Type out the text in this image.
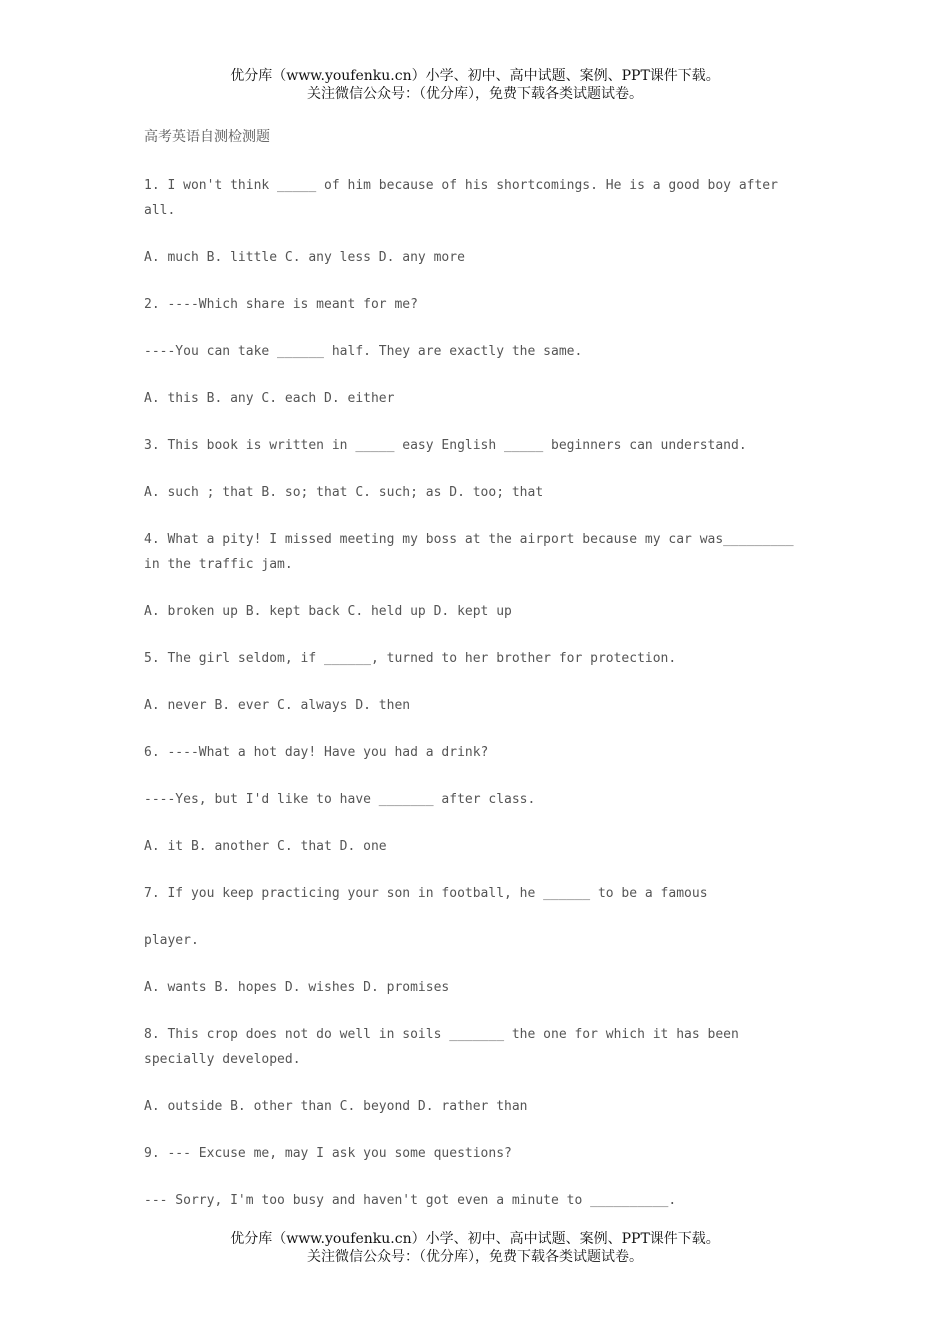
优分库（www.youfenku.cn）小学、初中、高中试题、案例、PPT课件下载。
关注微信公众号：（优分库），免费下载各类试题试卷。
高考英语自测检测题
1. I won't think _____ of him because of his shortcomings. He is a good boy after all.
A. much B. little C. any less D. any more
2. ----Which share is meant for me?
----You can take ______ half. They are exactly the same.
A. this B. any C. each D. either
3. This book is written in _____ easy English _____ beginners can understand.
A. such ; that B. so; that C. such; as D. too; that
4. What a pity! I missed meeting my boss at the airport because my car was_________ in the traffic jam.
A. broken up B. kept back C. held up D. kept up
5. The girl seldom, if ______, turned to her brother for protection.
A. never B. ever C. always D. then
6. ----What a hot day! Have you had a drink?
----Yes, but I'd like to have _______ after class.
A. it B. another C. that D. one
7. If you keep practicing your son in football, he ______ to be a famous
player.
A. wants B. hopes D. wishes D. promises
8. This crop does not do well in soils _______ the one for which it has been specially developed.
A. outside B. other than C. beyond D. rather than
9. --- Excuse me, may I ask you some questions?
--- Sorry, I'm too busy and haven't got even a minute to __________.
优分库（www.youfenku.cn）小学、初中、高中试题、案例、PPT课件下载。
关注微信公众号：（优分库），免费下载各类试题试卷。
